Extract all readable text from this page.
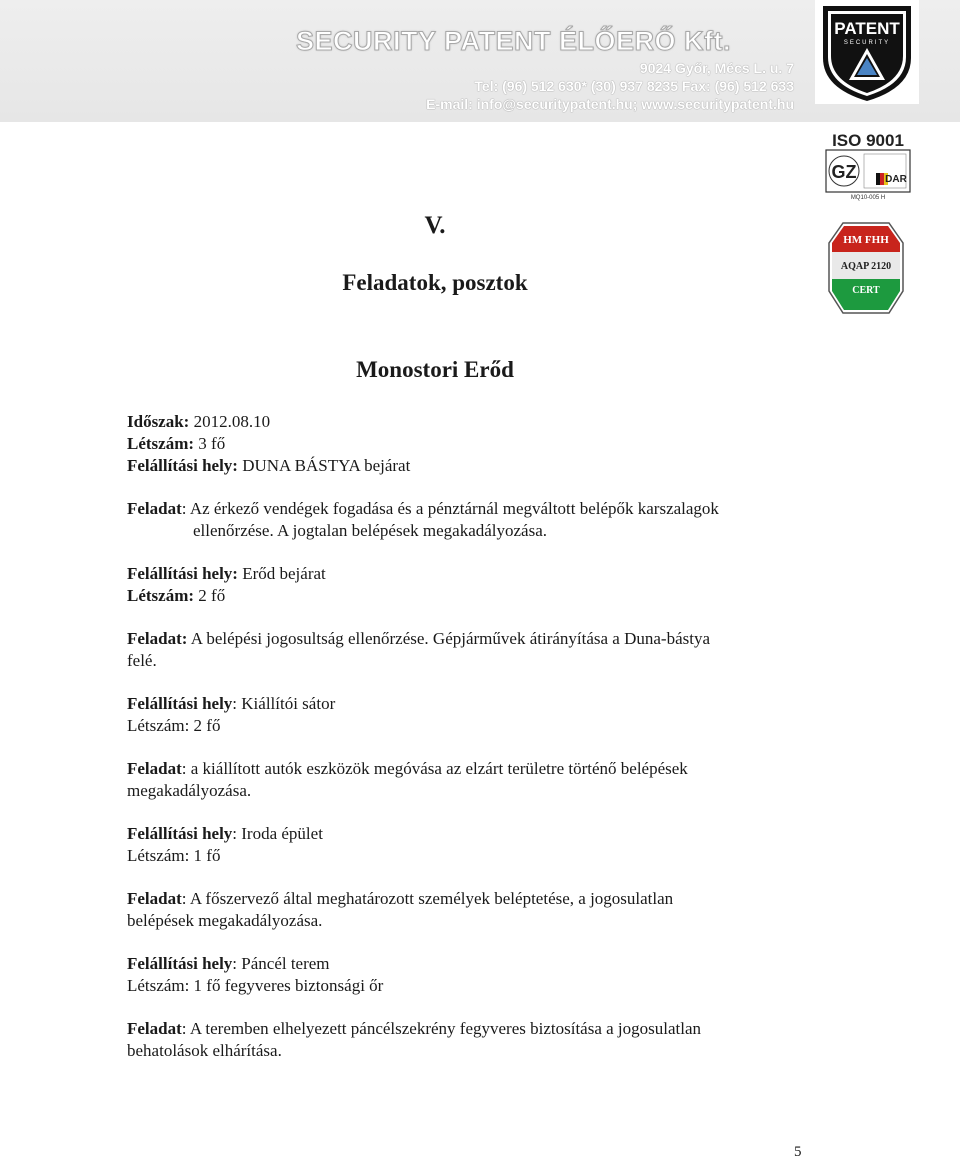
SECURITY PATENT ÉLŐERŐ Kft.
9024 Győr, Mécs L. u. 7
Tel: (96) 512 630* (30) 937 8235 Fax: (96) 512 633
E-mail: info@securitypatent.hu; www.securitypatent.hu
PATENT
SECURITY
ISO 9001
GZ	DAR
MQ10-005 H
HM FHH
AQAP 2120
CERT
V.
Feladatok, posztok
Monostori Erőd
Időszak: 2012.08.10
Létszám: 3 fő
Felállítási hely: DUNA BÁSTYA bejárat
Feladat: Az érkező vendégek fogadása és a pénztárnál megváltott belépők karszalagok
ellenőrzése. A jogtalan belépések megakadályozása.
Felállítási hely: Erőd bejárat
Létszám: 2 fő
Feladat: A belépési jogosultság ellenőrzése. Gépjárművek átirányítása a Duna-bástya
felé.
Felállítási hely: Kiállítói sátor
Létszám: 2 fő
Feladat: a kiállított autók eszközök megóvása az elzárt területre történő belépések
megakadályozása.
Felállítási hely: Iroda épület
Létszám: 1 fő
Feladat: A főszervező által meghatározott személyek beléptetése, a jogosulatlan
belépések megakadályozása.
Felállítási hely: Páncél terem
Létszám: 1 fő fegyveres biztonsági őr
Feladat: A teremben elhelyezett páncélszekrény fegyveres biztosítása a jogosulatlan
behatolások elhárítása.
5
